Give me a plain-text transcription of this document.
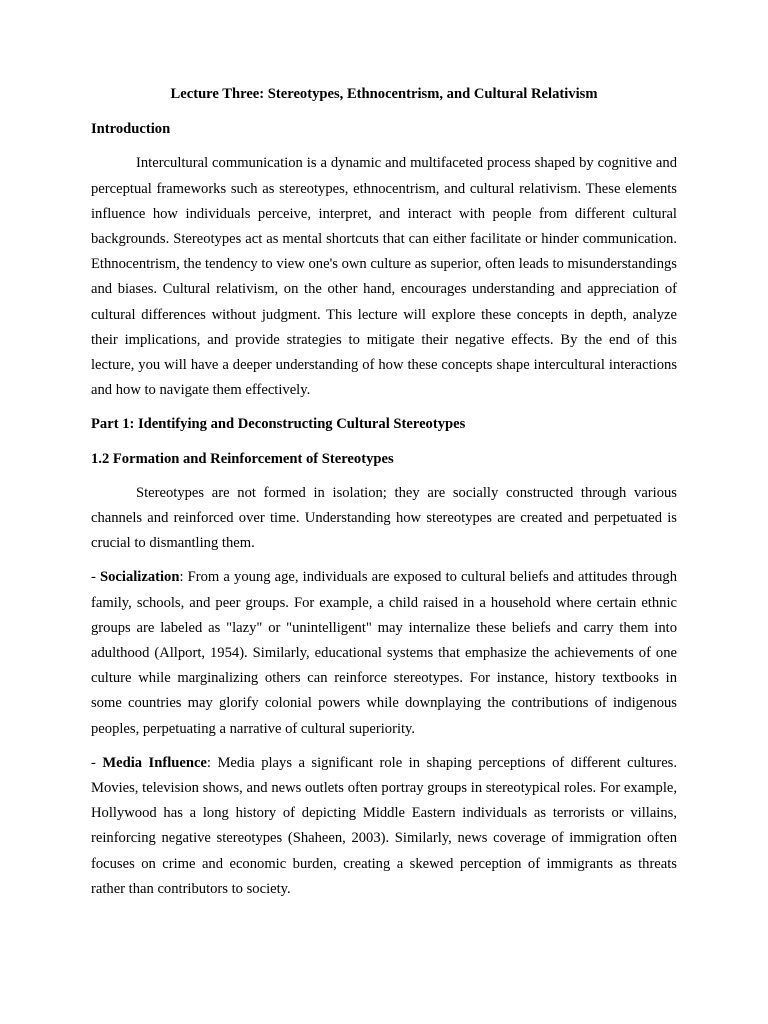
Lecture Three: Stereotypes, Ethnocentrism, and Cultural Relativism
Introduction

Intercultural communication is a dynamic and multifaceted process shaped by cognitive and perceptual frameworks such as stereotypes, ethnocentrism, and cultural relativism. These elements influence how individuals perceive, interpret, and interact with people from different cultural backgrounds. Stereotypes act as mental shortcuts that can either facilitate or hinder communication. Ethnocentrism, the tendency to view one's own culture as superior, often leads to misunderstandings and biases. Cultural relativism, on the other hand, encourages understanding and appreciation of cultural differences without judgment. This lecture will explore these concepts in depth, analyze their implications, and provide strategies to mitigate their negative effects. By the end of this lecture, you will have a deeper understanding of how these concepts shape intercultural interactions and how to navigate them effectively.

Part 1: Identifying and Deconstructing Cultural Stereotypes
1.2 Formation and Reinforcement of Stereotypes

Stereotypes are not formed in isolation; they are socially constructed through various channels and reinforced over time. Understanding how stereotypes are created and perpetuated is crucial to dismantling them.

- Socialization: From a young age, individuals are exposed to cultural beliefs and attitudes through family, schools, and peer groups. For example, a child raised in a household where certain ethnic groups are labeled as "lazy" or "unintelligent" may internalize these beliefs and carry them into adulthood (Allport, 1954). Similarly, educational systems that emphasize the achievements of one culture while marginalizing others can reinforce stereotypes. For instance, history textbooks in some countries may glorify colonial powers while downplaying the contributions of indigenous peoples, perpetuating a narrative of cultural superiority.

- Media Influence: Media plays a significant role in shaping perceptions of different cultures. Movies, television shows, and news outlets often portray groups in stereotypical roles. For example, Hollywood has a long history of depicting Middle Eastern individuals as terrorists or villains, reinforcing negative stereotypes (Shaheen, 2003). Similarly, news coverage of immigration often focuses on crime and economic burden, creating a skewed perception of immigrants as threats rather than contributors to society.
